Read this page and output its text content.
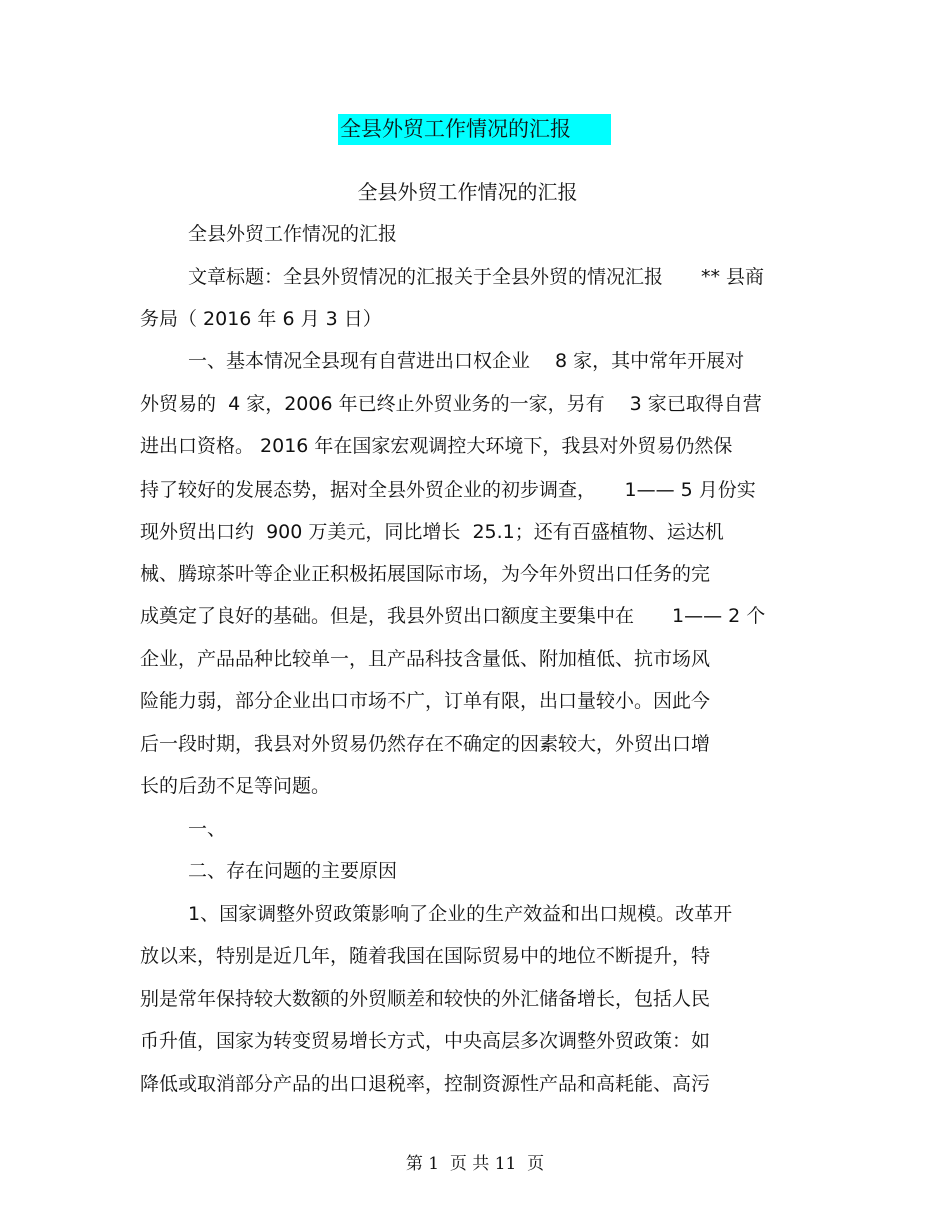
全县外贸工作情况的汇报
全县外贸工作情况的汇报
全县外贸工作情况的汇报
文章标题：全县外贸情况的汇报关于全县外贸的情况汇报　　** 县商
务局（ 2016 年 6 月 3 日）
一、基本情况全县现有自营进出口权企业　 8 家，其中常年开展对
外贸易的  4 家，2006 年已终止外贸业务的一家，另有　 3 家已取得自营
进出口资格。 2016 年在国家宏观调控大环境下，我县对外贸易仍然保
持了较好的发展态势，据对全县外贸企业的初步调查，　　1—— 5 月份实
现外贸出口约  900 万美元，同比增长  25.1；还有百盛植物、运达机
械、腾琼茶叶等企业正积极拓展国际市场，为今年外贸出口任务的完
成奠定了良好的基础。但是，我县外贸出口额度主要集中在　　1—— 2 个
企业，产品品种比较单一，且产品科技含量低、附加植低、抗市场风
险能力弱，部分企业出口市场不广，订单有限，出口量较小。因此今
后一段时期，我县对外贸易仍然存在不确定的因素较大，外贸出口增
长的后劲不足等问题。
一、
二、存在问题的主要原因
1、国家调整外贸政策影响了企业的生产效益和出口规模。改革开
放以来，特别是近几年，随着我国在国际贸易中的地位不断提升，特
别是常年保持较大数额的外贸顺差和较快的外汇储备增长，包括人民
币升值，国家为转变贸易增长方式，中央高层多次调整外贸政策：如
降低或取消部分产品的出口退税率，控制资源性产品和高耗能、高污
第 1  页 共 11  页
